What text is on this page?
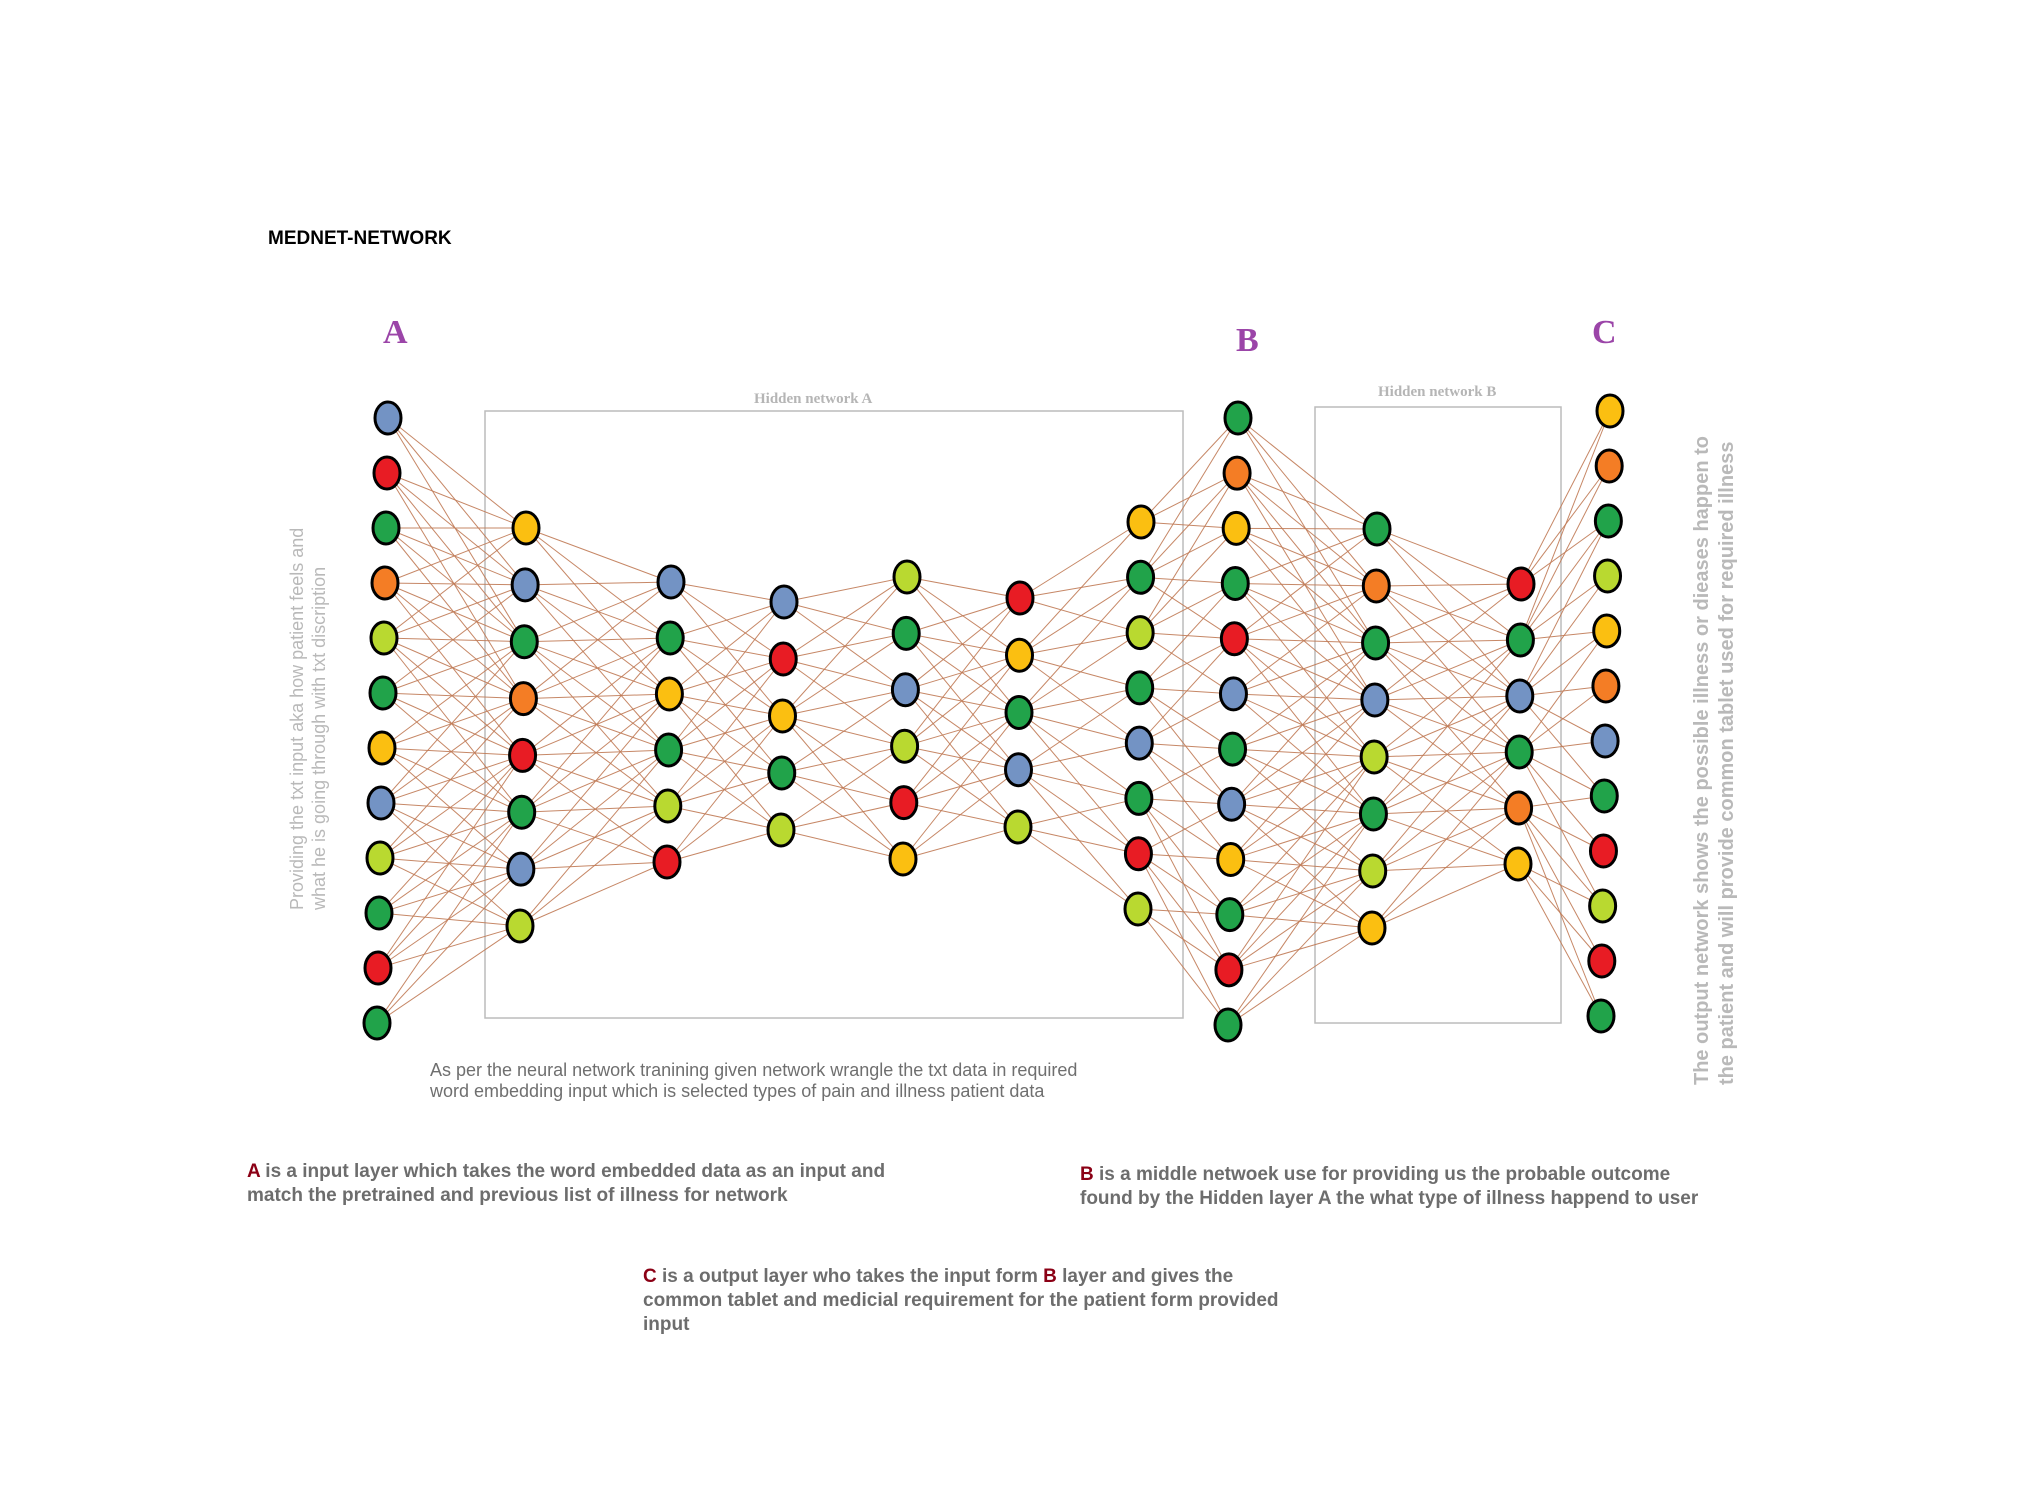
MEDNET-NETWORK
A	B	C
Hidden network A	Hidden network B
Providing the txt input aka how patient feels and what he is going through with txt discription	The output network shows the possible illness or dieases happen to the patient and will provide common tablet used for required illness
As per the neural network tranining given network wrangle the txt data in required
word embedding input which is selected types of pain and illness patient data
A is a input layer which takes the word embedded data as an input and
match the pretrained and previous list of illness for network
B is a middle netwoek use for providing us the probable outcome
found by the Hidden layer A the what type of illness happend to user
C is a output layer who takes the input form B layer and gives the
common tablet and medicial requirement for the patient form provided
input
